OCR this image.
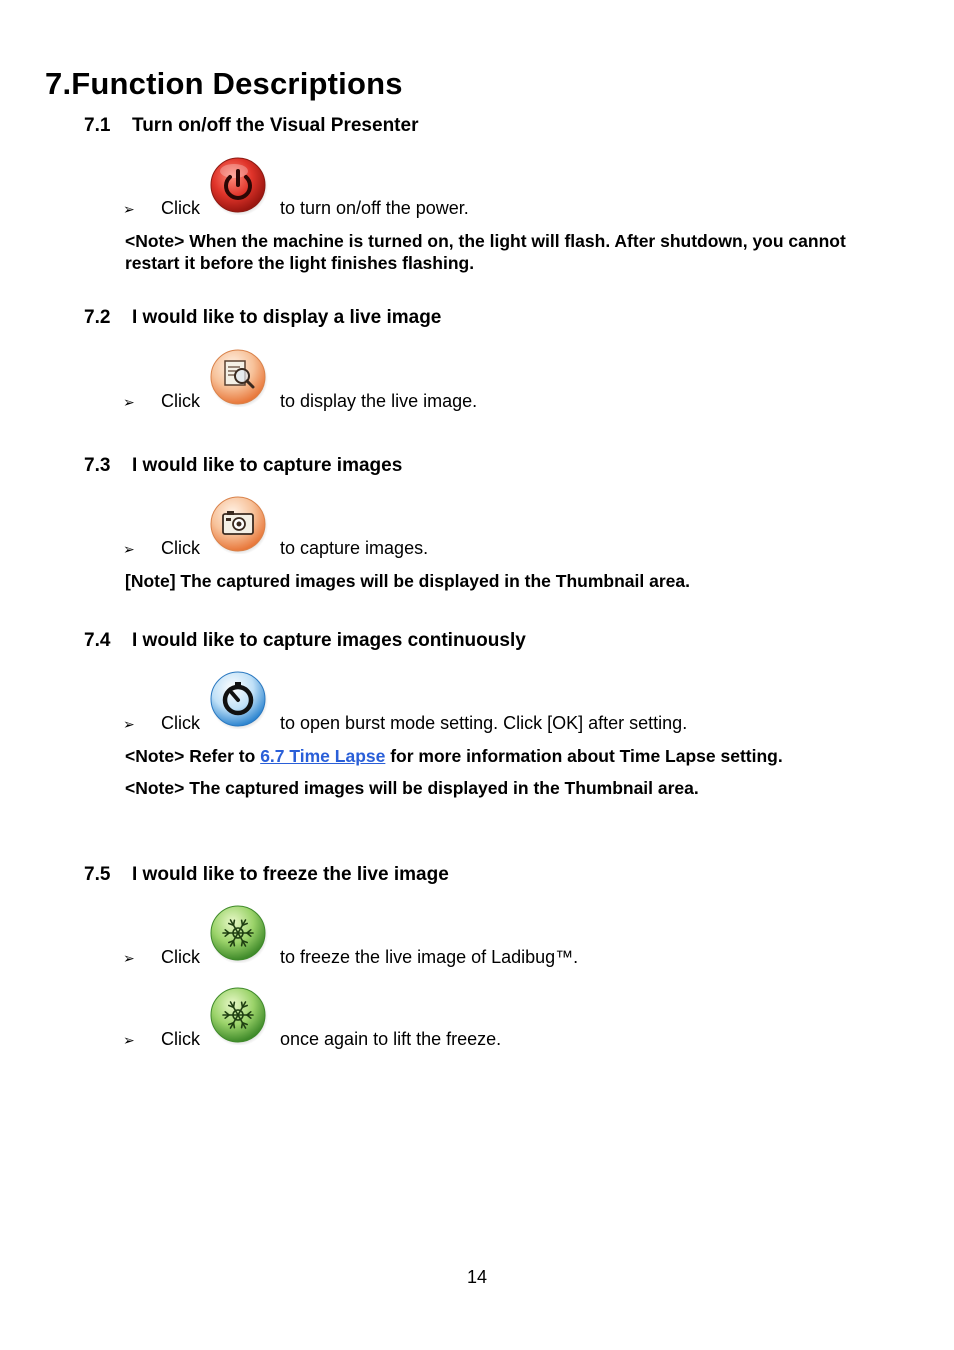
7.Function Descriptions
7.1 Turn on/off the Visual Presenter
➢ Click	to turn on/off the power.
<Note> When the machine is turned on, the light will flash. After shutdown, you cannot restart it before the light finishes flashing.
7.2 I would like to display a live image
➢ Click	to display the live image.
7.3 I would like to capture images
➢ Click	to capture images.
[Note] The captured images will be displayed in the Thumbnail area.
7.4 I would like to capture images continuously
➢ Click	to open burst mode setting. Click [OK] after setting.
<Note> Refer to 6.7 Time Lapse for more information about Time Lapse setting.
<Note> The captured images will be displayed in the Thumbnail area.
7.5 I would like to freeze the live image
➢ Click	to freeze the live image of Ladibug™.
➢ Click	once again to lift the freeze.
14
